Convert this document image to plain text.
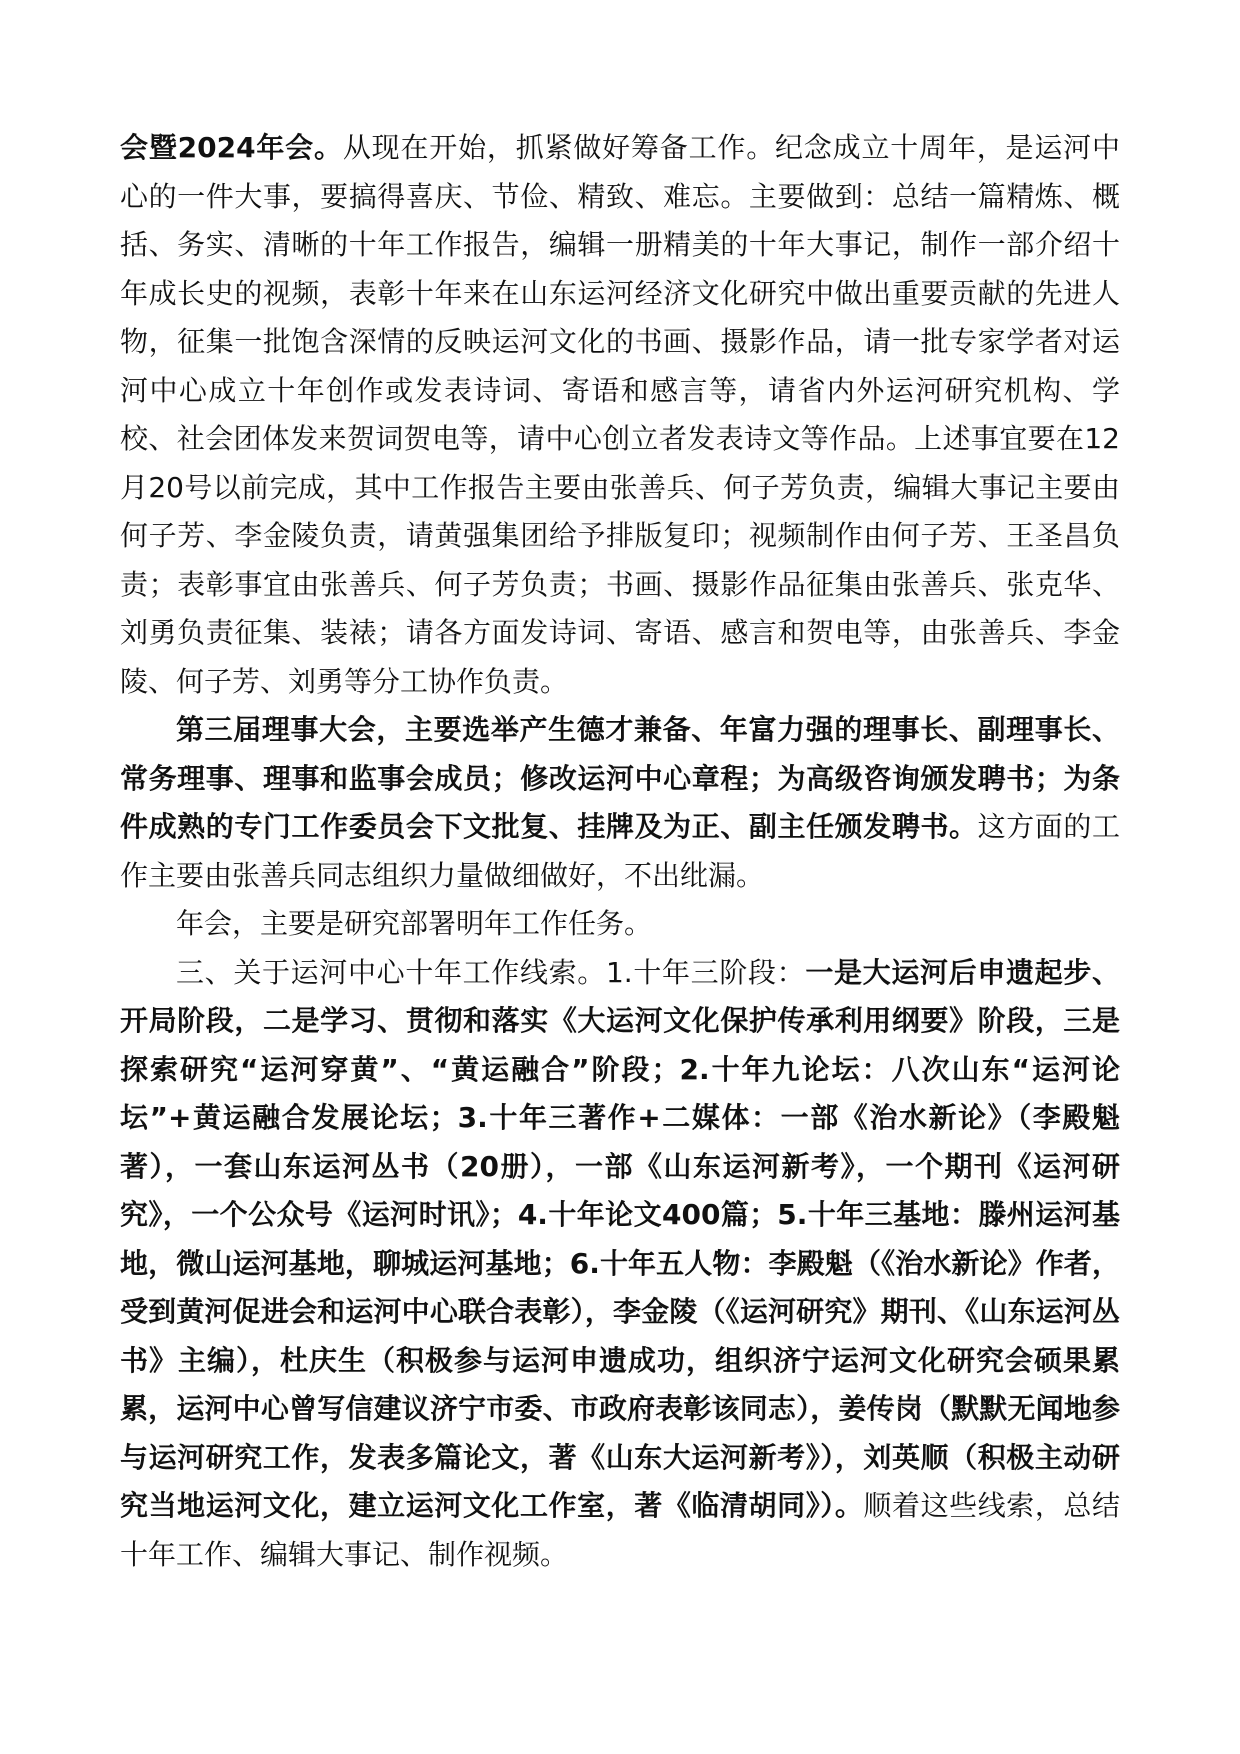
会暨2024年会。从现在开始，抓紧做好筹备工作。纪念成立十周年，是运河中心的一件大事，要搞得喜庆、节俭、精致、难忘。主要做到：总结一篇精炼、概括、务实、清晰的十年工作报告，编辑一册精美的十年大事记，制作一部介绍十年成长史的视频，表彰十年来在山东运河经济文化研究中做出重要贡献的先进人物，征集一批饱含深情的反映运河文化的书画、摄影作品，请一批专家学者对运河中心成立十年创作或发表诗词、寄语和感言等，请省内外运河研究机构、学校、社会团体发来贺词贺电等，请中心创立者发表诗文等作品。上述事宜要在12月20号以前完成，其中工作报告主要由张善兵、何子芳负责，编辑大事记主要由何子芳、李金陵负责，请黄强集团给予排版复印；视频制作由何子芳、王圣昌负责；表彰事宜由张善兵、何子芳负责；书画、摄影作品征集由张善兵、张克华、刘勇负责征集、装裱；请各方面发诗词、寄语、感言和贺电等，由张善兵、李金陵、何子芳、刘勇等分工协作负责。

第三届理事大会，主要选举产生德才兼备、年富力强的理事长、副理事长、常务理事、理事和监事会成员；修改运河中心章程；为高级咨询颁发聘书；为条件成熟的专门工作委员会下文批复、挂牌及为正、副主任颁发聘书。这方面的工作主要由张善兵同志组织力量做细做好，不出纰漏。

年会，主要是研究部署明年工作任务。

三、关于运河中心十年工作线索。1.十年三阶段：一是大运河后申遗起步、开局阶段，二是学习、贯彻和落实《大运河文化保护传承利用纲要》阶段，三是探索研究“运河穿黄”、“黄运融合”阶段；2.十年九论坛：八次山东“运河论坛”+黄运融合发展论坛；3.十年三著作+二媒体：一部《治水新论》（李殿魁著），一套山东运河丛书（20册），一部《山东运河新考》，一个期刊《运河研究》，一个公众号《运河时讯》；4.十年论文400篇；5.十年三基地：滕州运河基地，微山运河基地，聊城运河基地；6.十年五人物：李殿魁（《治水新论》作者，受到黄河促进会和运河中心联合表彰），李金陵（《运河研究》期刊、《山东运河丛书》主编），杜庆生（积极参与运河申遗成功，组织济宁运河文化研究会硕果累累，运河中心曾写信建议济宁市委、市政府表彰该同志），姜传岗（默默无闻地参与运河研究工作，发表多篇论文，著《山东大运河新考》），刘英顺（积极主动研究当地运河文化，建立运河文化工作室，著《临清胡同》）。顺着这些线索，总结十年工作、编辑大事记、制作视频。
